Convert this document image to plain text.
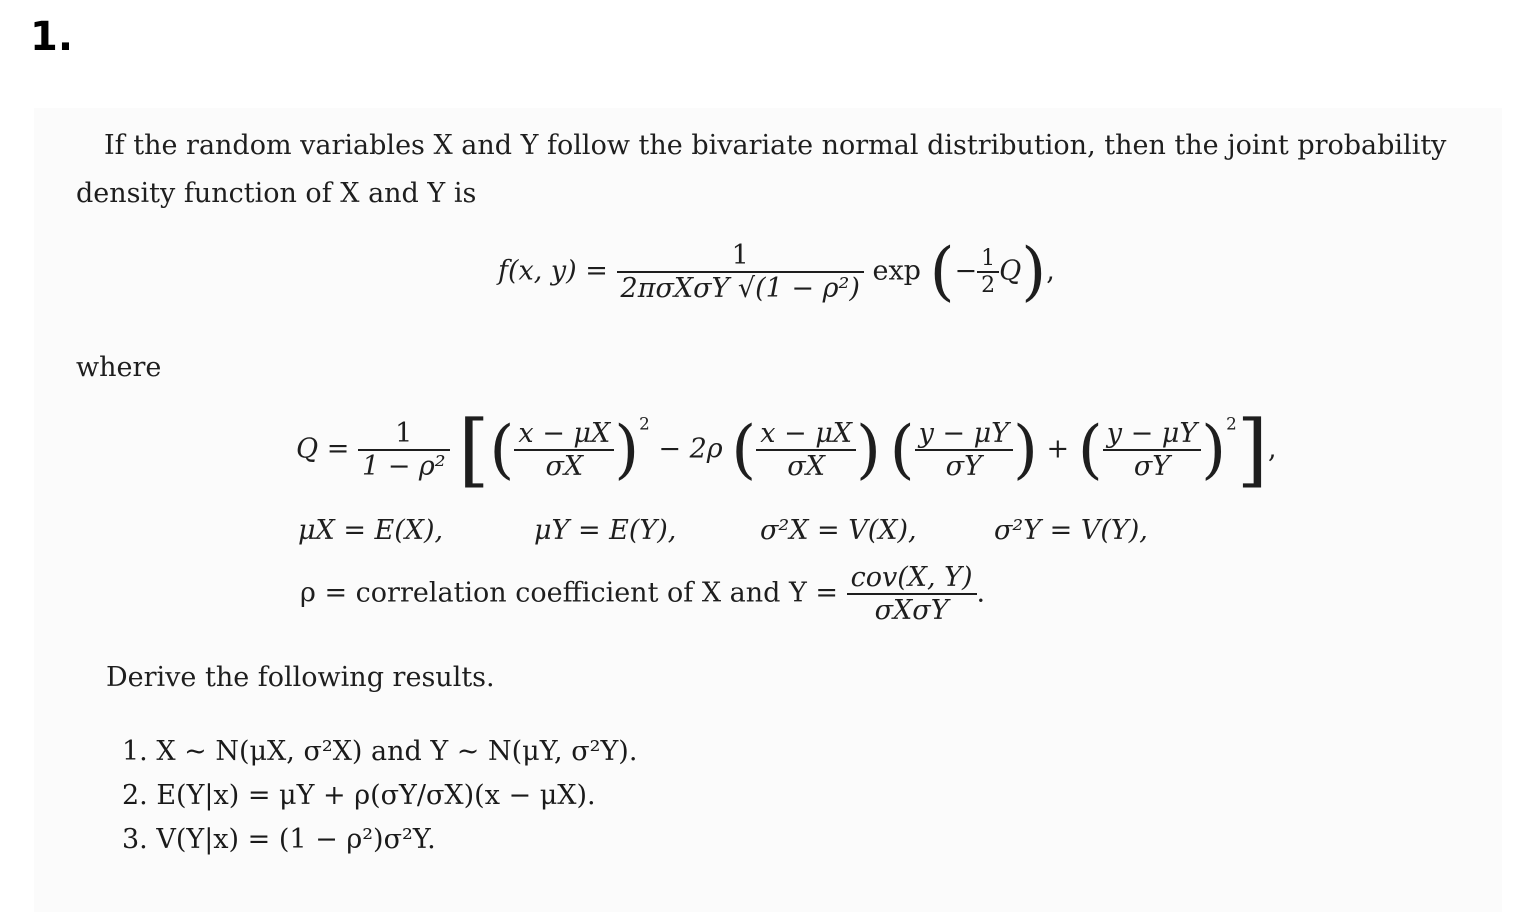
1.
If the random variables X and Y follow the bivariate normal distribution, then the joint probability
density function of X and Y is
f(x, $y) = \frac{1}{\text{2πσXσY √(1 − ρ²)}}$ exp (− $\frac{1}{2} Q$),
where
$Q = \frac{1}{\text{1 − ρ²}}$ [( $\frac{x - \mu X}{\sigma X} )^2 - 2\rho$ ( $\frac{x - \mu X}{\sigma X}$ ) ( $\frac{y - \mu Y}{\sigma Y}$ ) + ( $\frac{y - \mu Y}{\sigma Y} )^2$],
μX = E(X),	μY = E(Y),	σ²X = V(X),	σ²Y = V(Y),
ρ = correlation coefficient of X and $Y = \frac{\text{cov(X, Y)}}{\text{σXσY}}$ .
Derive the following results.
1. X ~ N(μX, σ²X) and Y ~ N(μY, σ²Y).
2. E(Y|x) = μY + ρ(σY/σX)(x − μX).
3. V(Y|x) = (1 − ρ²)σ²Y.
